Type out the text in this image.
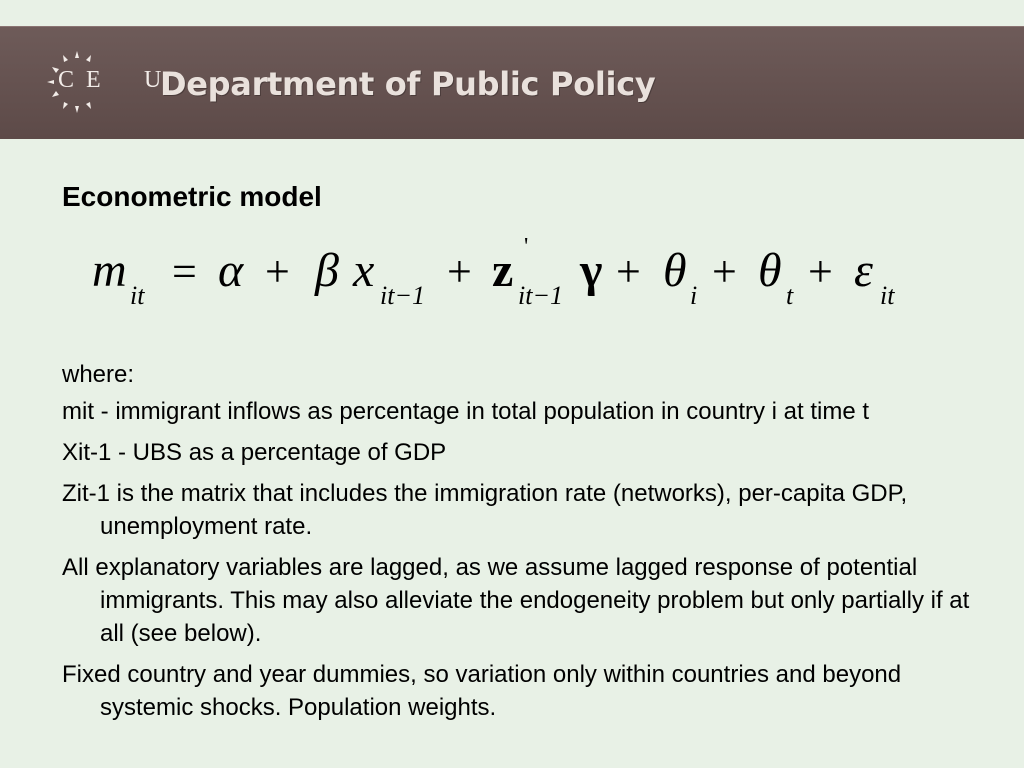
C E U
Department of Public Policy
Econometric model
m it = α + β x it−1 + z '
it−1 γ + θ i + θ t + ε it

where:

mit - immigrant inflows as percentage in total population in country i at time t

Xit-1 - UBS as a percentage of GDP

Zit-1 is the matrix that includes the immigration rate (networks), per-capita GDP, unemployment rate.

All explanatory variables are lagged, as we assume lagged response of potential immigrants. This may also alleviate the endogeneity problem but only partially if at all (see below).

Fixed country and year dummies, so variation only within countries and beyond systemic shocks. Population weights.
